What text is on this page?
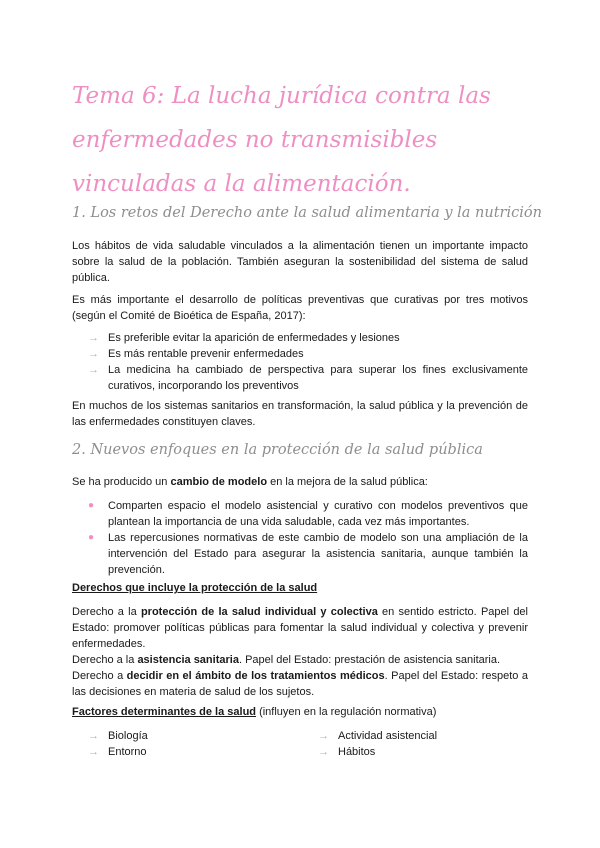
Tema 6: La lucha jurídica contra las enfermedades no transmisibles vinculadas a la alimentación.
1. Los retos del Derecho ante la salud alimentaria y la nutrición

Los hábitos de vida saludable vinculados a la alimentación tienen un importante impacto sobre la salud de la población. También aseguran la sostenibilidad del sistema de salud pública.

Es más importante el desarrollo de políticas preventivas que curativas por tres motivos (según el Comité de Bioética de España, 2017):

→ Es preferible evitar la aparición de enfermedades y lesiones
→ Es más rentable prevenir enfermedades
→ La medicina ha cambiado de perspectiva para superar los fines exclusivamente curativos, incorporando los preventivos

En muchos de los sistemas sanitarios en transformación, la salud pública y la prevención de las enfermedades constituyen claves.

2. Nuevos enfoques en la protección de la salud pública

Se ha producido un cambio de modelo en la mejora de la salud pública:

● Comparten espacio el modelo asistencial y curativo con modelos preventivos que plantean la importancia de una vida saludable, cada vez más importantes.
● Las repercusiones normativas de este cambio de modelo son una ampliación de la intervención del Estado para asegurar la asistencia sanitaria, aunque también la prevención.

Derechos que incluye la protección de la salud

Derecho a la protección de la salud individual y colectiva en sentido estricto. Papel del Estado: promover políticas públicas para fomentar la salud individual y colectiva y prevenir enfermedades.
Derecho a la asistencia sanitaria. Papel del Estado: prestación de asistencia sanitaria.
Derecho a decidir en el ámbito de los tratamientos médicos. Papel del Estado: respeto a las decisiones en materia de salud de los sujetos.

Factores determinantes de la salud (influyen en la regulación normativa)

→ Biología
→ Entorno
→ Actividad asistencial
→ Hábitos
